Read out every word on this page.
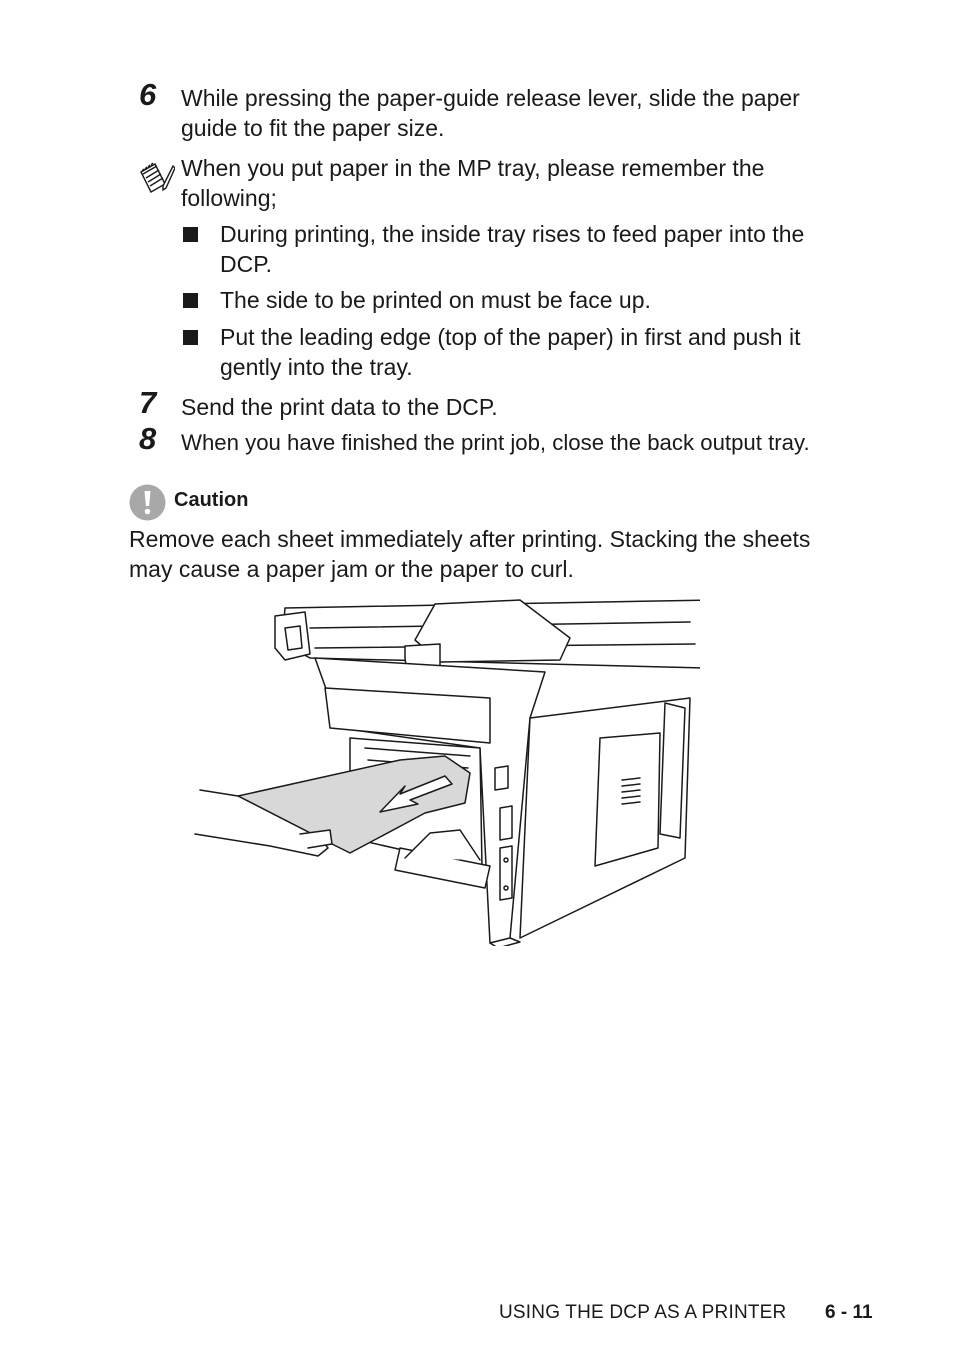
6 While pressing the paper-guide release lever, slide the paper
guide to fit the paper size.
When you put paper in the MP tray, please remember the
following;
During printing, the inside tray rises to feed paper into the
DCP.
The side to be printed on must be face up.
Put the leading edge (top of the paper) in first and push it
gently into the tray.
7 Send the print data to the DCP.
8 When you have finished the print job, close the back output tray.
Caution
Remove each sheet immediately after printing. Stacking the sheets
may cause a paper jam or the paper to curl.
USING THE DCP AS A PRINTER 6 - 11
